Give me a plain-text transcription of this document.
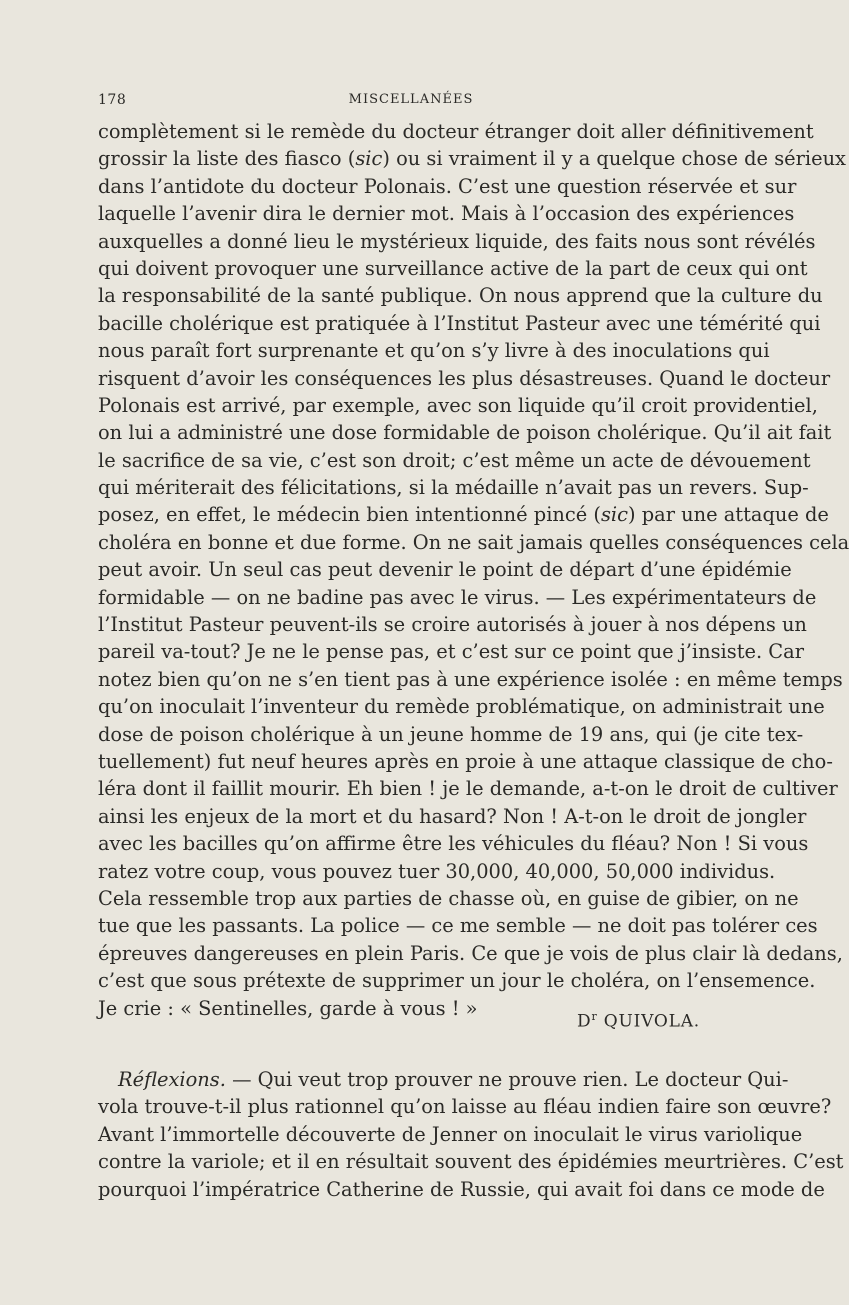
178	MISCELLANÉES
complètement si le remède du docteur étranger doit aller définitivement
grossir la liste des fiasco (sic) ou si vraiment il y a quelque chose de sérieux
dans l’antidote du docteur Polonais. C’est une question réservée et sur
laquelle l’avenir dira le dernier mot. Mais à l’occasion des expériences
auxquelles a donné lieu le mystérieux liquide, des faits nous sont révélés
qui doivent provoquer une surveillance active de la part de ceux qui ont
la responsabilité de la santé publique. On nous apprend que la culture du
bacille cholérique est pratiquée à l’Institut Pasteur avec une témérité qui
nous paraît fort surprenante et qu’on s’y livre à des inoculations qui
risquent d’avoir les conséquences les plus désastreuses. Quand le docteur
Polonais est arrivé, par exemple, avec son liquide qu’il croit providentiel,
on lui a administré une dose formidable de poison cholérique. Qu’il ait fait
le sacrifice de sa vie, c’est son droit; c’est même un acte de dévouement
qui mériterait des félicitations, si la médaille n’avait pas un revers. Sup-
posez, en effet, le médecin bien intentionné pincé (sic) par une attaque de
choléra en bonne et due forme. On ne sait jamais quelles conséquences cela
peut avoir. Un seul cas peut devenir le point de départ d’une épidémie
formidable — on ne badine pas avec le virus. — Les expérimentateurs de
l’Institut Pasteur peuvent-ils se croire autorisés à jouer à nos dépens un
pareil va-tout? Je ne le pense pas, et c’est sur ce point que j’insiste. Car
notez bien qu’on ne s’en tient pas à une expérience isolée : en même temps
qu’on inoculait l’inventeur du remède problématique, on administrait une
dose de poison cholérique à un jeune homme de 19 ans, qui (je cite tex-
tuellement) fut neuf heures après en proie à une attaque classique de cho-
léra dont il faillit mourir. Eh bien ! je le demande, a-t-on le droit de cultiver
ainsi les enjeux de la mort et du hasard? Non ! A-t-on le droit de jongler
avec les bacilles qu’on affirme être les véhicules du fléau? Non ! Si vous
ratez votre coup, vous pouvez tuer 30,000, 40,000, 50,000 individus.
Cela ressemble trop aux parties de chasse où, en guise de gibier, on ne
tue que les passants. La police — ce me semble — ne doit pas tolérer ces
épreuves dangereuses en plein Paris. Ce que je vois de plus clair là dedans,
c’est que sous prétexte de supprimer un jour le choléra, on l’ensemence.
Je crie : « Sentinelles, garde à vous ! »
$D^r$ QUIVOLA.
Réflexions. — Qui veut trop prouver ne prouve rien. Le docteur Qui-
vola trouve-t-il plus rationnel qu’on laisse au fléau indien faire son œuvre?
Avant l’immortelle découverte de Jenner on inoculait le virus variolique
contre la variole; et il en résultait souvent des épidémies meurtrières. C’est
pourquoi l’impératrice Catherine de Russie, qui avait foi dans ce mode de
